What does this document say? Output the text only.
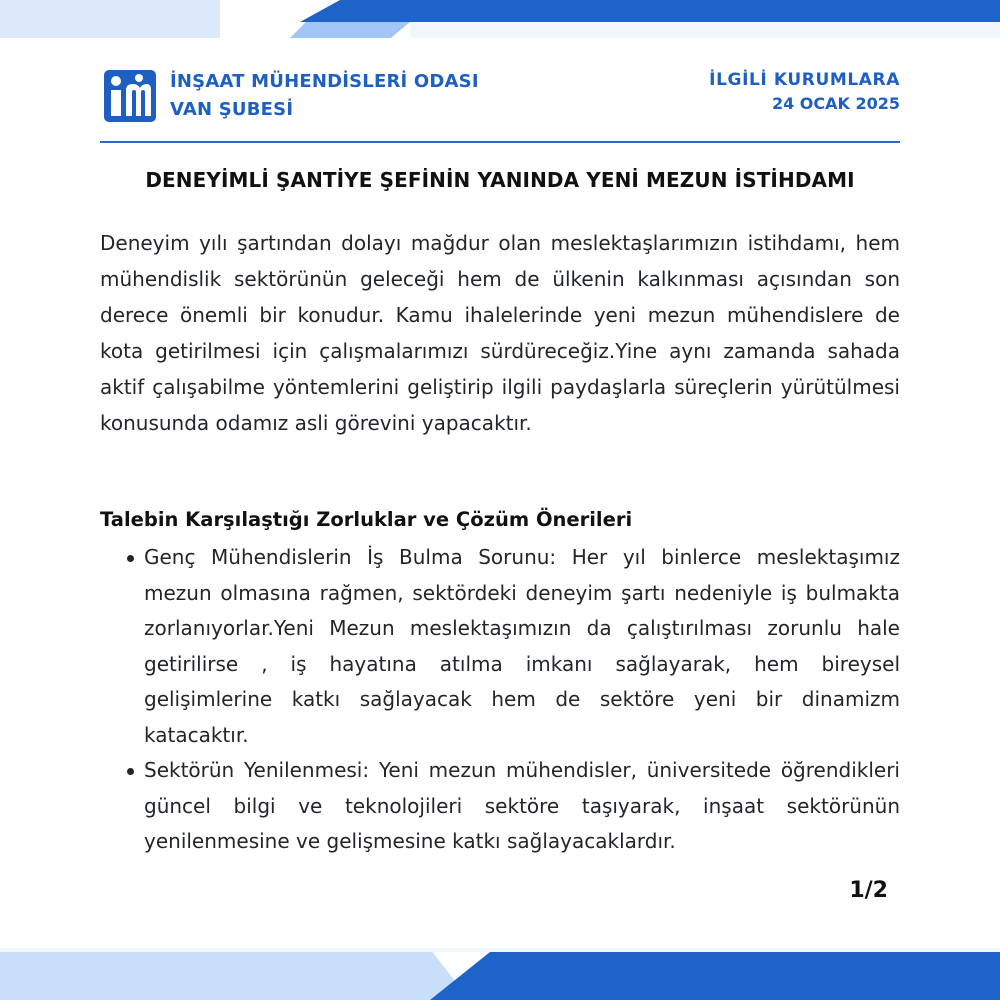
İNŞAAT MÜHENDİSLERİ ODASI
VAN ŞUBESİ
İLGİLİ KURUMLARA
24 OCAK 2025
DENEYİMLİ ŞANTİYE ŞEFİNİN YANINDA YENİ MEZUN İSTİHDAMI
Deneyim yılı şartından dolayı mağdur olan meslektaşlarımızın istihdamı, hem mühendislik sektörünün geleceği hem de ülkenin kalkınması açısından son derece önemli bir konudur. Kamu ihalelerinde yeni mezun mühendislere de kota getirilmesi için çalışmalarımızı sürdüreceğiz.Yine aynı zamanda sahada aktif çalışabilme yöntemlerini geliştirip ilgili paydaşlarla süreçlerin yürütülmesi konusunda odamız asli görevini yapacaktır.
Talebin Karşılaştığı Zorluklar ve Çözüm Önerileri
Genç Mühendislerin İş Bulma Sorunu: Her yıl binlerce meslektaşımız mezun olmasına rağmen, sektördeki deneyim şartı nedeniyle iş bulmakta zorlanıyorlar.Yeni Mezun meslektaşımızın da çalıştırılması zorunlu hale getirilirse , iş hayatına atılma imkanı sağlayarak, hem bireysel gelişimlerine katkı sağlayacak hem de sektöre yeni bir dinamizm katacaktır.
Sektörün Yenilenmesi: Yeni mezun mühendisler, üniversitede öğrendikleri güncel bilgi ve teknolojileri sektöre taşıyarak, inşaat sektörünün yenilenmesine ve gelişmesine katkı sağlayacaklardır.
1/2
